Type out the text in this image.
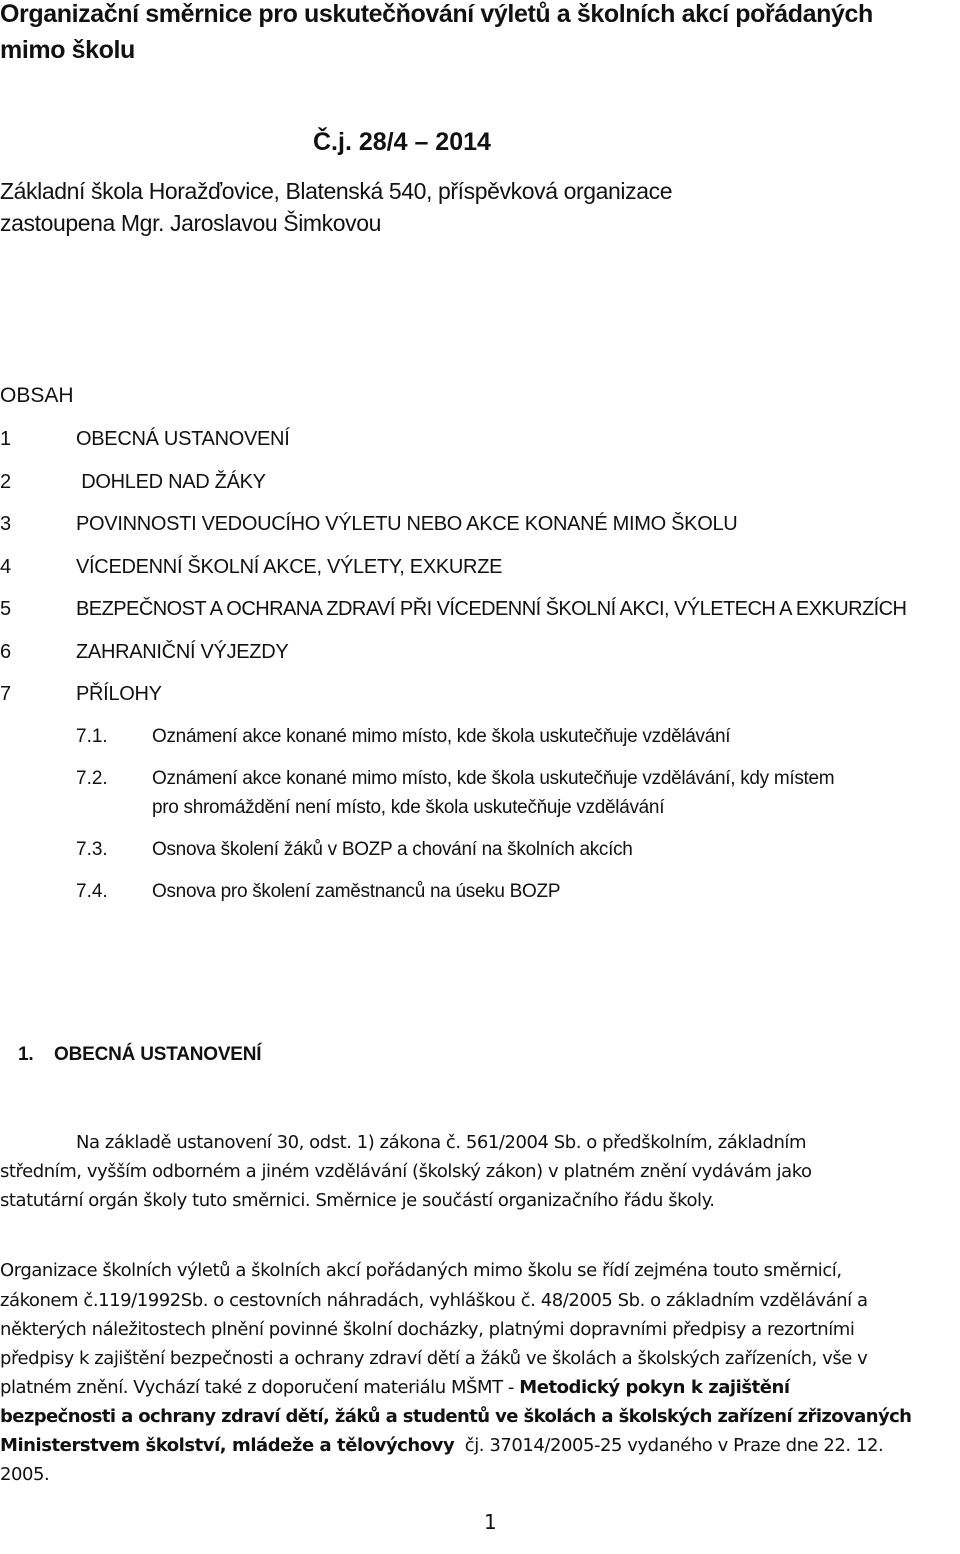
Organizační směrnice pro uskutečňování výletů a školních akcí pořádaných
mimo školu
Č.j. 28/4 – 2014
Základní škola Horažďovice, Blatenská 540, příspěvková organizace
zastoupena Mgr. Jaroslavou Šimkovou
OBSAH
1	OBECNÁ USTANOVENÍ
2	DOHLED NAD ŽÁKY
3	POVINNOSTI VEDOUCÍHO VÝLETU NEBO AKCE KONANÉ MIMO ŠKOLU
4	VÍCEDENNÍ ŠKOLNÍ AKCE, VÝLETY, EXKURZE
5	BEZPEČNOST A OCHRANA ZDRAVÍ PŘI VÍCEDENNÍ ŠKOLNÍ AKCI, VÝLETECH A EXKURZÍCH
6	ZAHRANIČNÍ VÝJEZDY
7	PŘÍLOHY
7.1. Oznámení akce konané mimo místo, kde škola uskutečňuje vzdělávání
7.2. Oznámení akce konané mimo místo, kde škola uskutečňuje vzdělávání, kdy místem
pro shromáždění není místo, kde škola uskutečňuje vzdělávání
7.3. Osnova školení žáků v BOZP a chování na školních akcích
7.4. Osnova pro školení zaměstnanců na úseku BOZP
1. OBECNÁ USTANOVENÍ
Na základě ustanovení 30, odst. 1) zákona č. 561/2004 Sb. o předškolním, základním
středním, vyšším odborném a jiném vzdělávání (školský zákon) v platném znění vydávám jako
statutární orgán školy tuto směrnici. Směrnice je součástí organizačního řádu školy.
Organizace školních výletů a školních akcí pořádaných mimo školu se řídí zejména touto směrnicí,
zákonem č.119/1992Sb. o cestovních náhradách, vyhláškou č. 48/2005 Sb. o základním vzdělávání a
některých náležitostech plnění povinné školní docházky, platnými dopravními předpisy a rezortními
předpisy k zajištění bezpečnosti a ochrany zdraví dětí a žáků ve školách a školských zařízeních, vše v
platném znění. Vychází také z doporučení materiálu MŠMT - Metodický pokyn k zajištění
bezpečnosti a ochrany zdraví dětí, žáků a studentů ve školách a školských zařízení zřizovaných
Ministerstvem školství, mládeže a tělovýchovy  čj. 37014/2005-25 vydaného v Praze dne 22. 12.
2005.
1
